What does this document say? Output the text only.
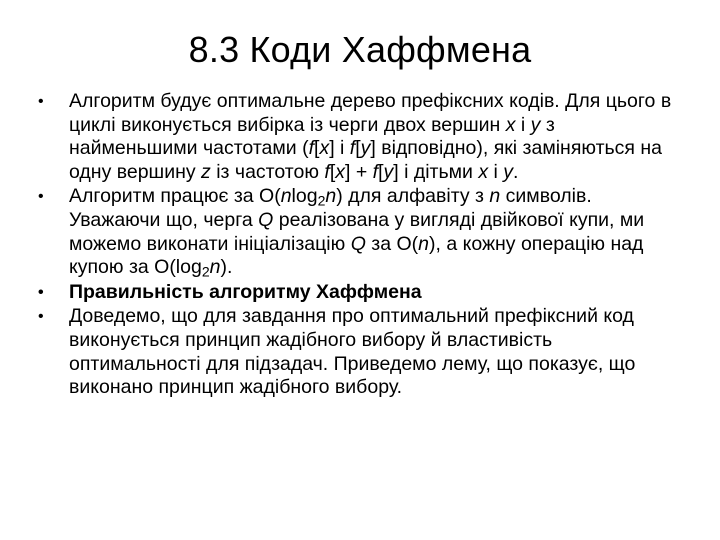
8.3 Коди Хаффмена
•	Алгоритм будує оптимальне дерево префіксних кодів. Для цього в циклі виконується вибірка із черги двох вершин x і y з найменьшими частотами (f[x] і f[y] відповідно), які заміняються на одну вершину z із частотою f[x] + f[y] і дітьми x і y.
•	Алгоритм працює за O(nlog$_2$n) для алфавіту з n символів. Уважаючи що, черга Q реалізована у вигляді двійкової купи, ми можемо виконати ініціалізацію Q за O(n), а кожну операцію над купою за $O(\log_2n)$.
•	Правильність алгоритму Хаффмена
•	Доведемо, що для завдання про оптимальний префіксний код виконується принцип жадібного вибору й властивість оптимальності для підзадач. Приведемо лему, що показує, що виконано принцип жадібного вибору.
